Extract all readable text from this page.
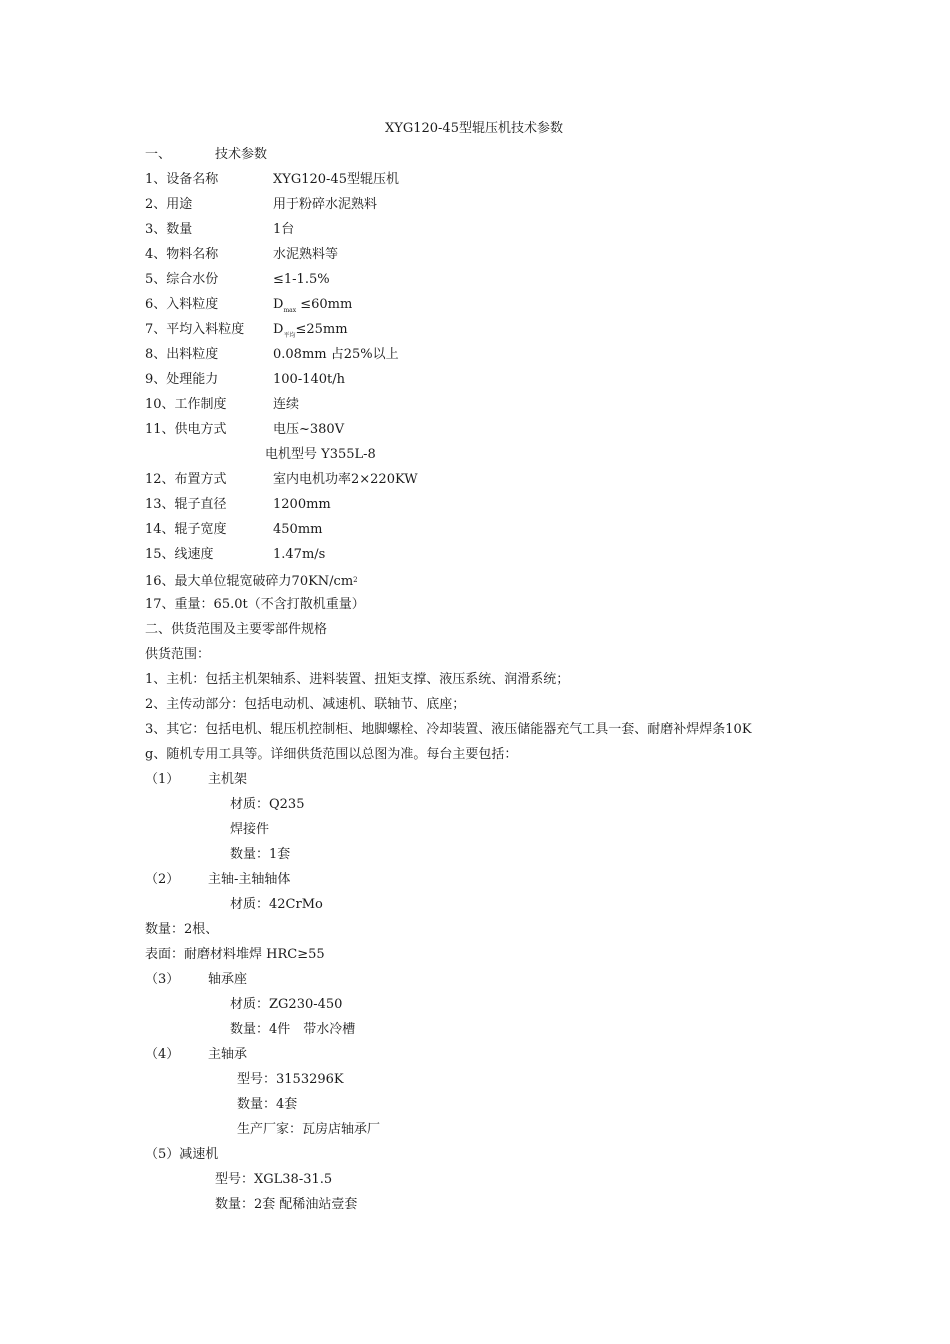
XYG120-45型辊压机技术参数
一、	技术参数
1、设备名称	XYG120-45型辊压机
2、用途	用于粉碎水泥熟料
3、数量	1台
4、物料名称	水泥熟料等
5、综合水份	≤1-1.5%
6、入料粒度	$D_{max} \le 60mm$
7、平均入料粒度 $D_{平均}\le 25mm$
8、出料粒度	0.08mm 占25%以上
9、处理能力	100-140t/h
10、工作制度	连续
11、供电方式	电压~380V
电机型号 Y355L-8
12、布置方式	室内电机功率2×220KW
13、辊子直径	1200mm
14、辊子宽度	450mm
15、线速度	1.47m/s
16、最大单位辊宽破碎力$70KN/cm^2$
17、重量：65.0t（不含打散机重量）
二、供货范围及主要零部件规格
供货范围：
1、主机：包括主机架轴系、进料装置、扭矩支撑、液压系统、润滑系统；
2、主传动部分：包括电动机、减速机、联轴节、底座；
3、其它：包括电机、辊压机控制柜、地脚螺栓、冷却装置、液压储能器充气工具一套、耐磨补焊焊条10K
g、随机专用工具等。详细供货范围以总图为准。每台主要包括：
（1） 主机架
材质：Q235
焊接件
数量：1套
（2） 主轴-主轴轴体
材质：42CrMo
数量：2根、
表面：耐磨材料堆焊 HRC≥55
（3） 轴承座
材质：ZG230-450
数量：4件　带水冷槽
（4） 主轴承
型号：3153296K
数量：4套
生产厂家：瓦房店轴承厂
（5）减速机
型号：XGL38-31.5
数量：2套 配稀油站壹套
